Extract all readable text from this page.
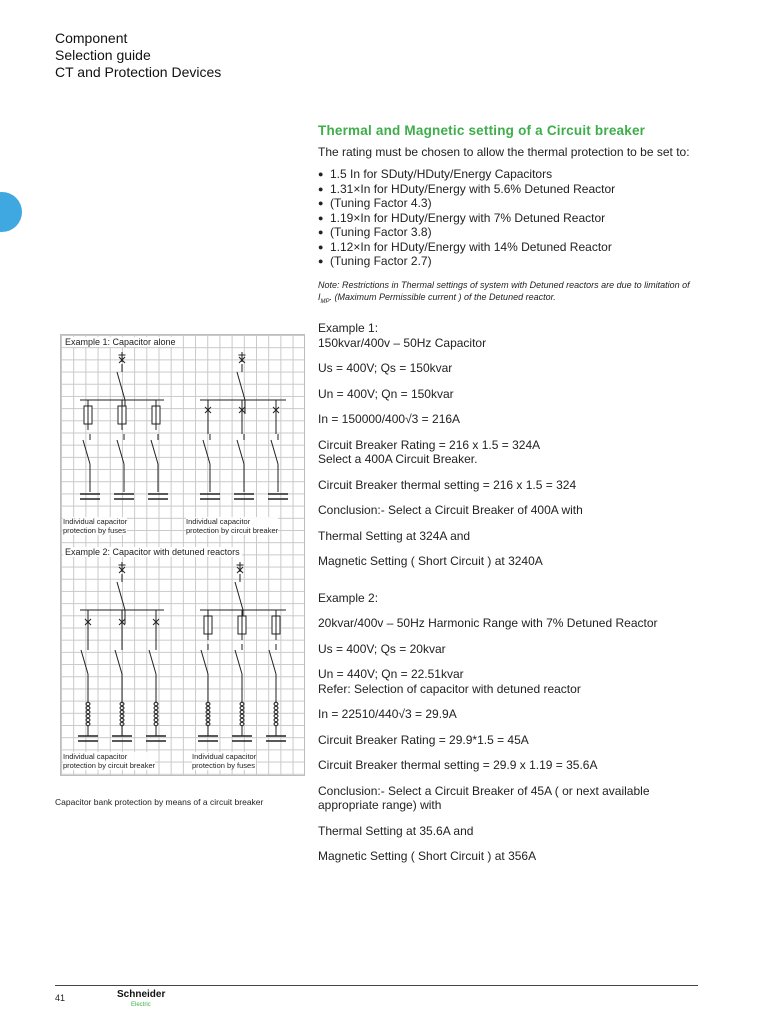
Component
Selection guide
CT and Protection Devices
Thermal and Magnetic setting of a Circuit breaker
The rating must be chosen to allow the thermal protection to be set to:
● 1.5 In for SDuty/HDuty/Energy Capacitors
● 1.31×In for HDuty/Energy with 5.6% Detuned Reactor
● (Tuning Factor 4.3)
● 1.19×In for HDuty/Energy with 7% Detuned Reactor
● (Tuning Factor 3.8)
● 1.12×In for HDuty/Energy with 14% Detuned Reactor
● (Tuning Factor 2.7)
Note: Restrictions in Thermal settings of system with Detuned reactors are due to limitation of $I_{MP}$. (Maximum Permissible current ) of the Detuned reactor.

Example 1:
150kvar/400v – 50Hz Capacitor

Us = 400V; Qs = 150kvar

Un = 400V; Qn = 150kvar

In = 150000/400√3 = 216A

Circuit Breaker Rating = 216 x 1.5 = 324A
Select a 400A Circuit Breaker.

Circuit Breaker thermal setting = 216 x 1.5 = 324

Conclusion:- Select a Circuit Breaker of 400A with

Thermal Setting at 324A and

Magnetic Setting ( Short Circuit ) at 3240A

Example 2:

20kvar/400v – 50Hz Harmonic Range with 7% Detuned Reactor

Us = 400V; Qs = 20kvar

Un = 440V; Qn = 22.51kvar
Refer: Selection of capacitor with detuned reactor

In = 22510/440√3 = 29.9A

Circuit Breaker Rating = 29.9*1.5 = 45A

Circuit Breaker thermal setting = 29.9 x 1.19 = 35.6A

Conclusion:- Select a Circuit Breaker of 45A ( or next available appropriate range) with

Thermal Setting at 35.6A and

Magnetic Setting ( Short Circuit ) at 356A

Example 1: Capacitor alone
Example 2: Capacitor with detuned reactors
Individual capacitor
protection by fuses
Individual capacitor
protection by circuit breaker
Individual capacitor
protection by circuit breaker
Individual capacitor
protection by fuses
Capacitor bank protection by means of a circuit breaker
41	Schneider
Electric
